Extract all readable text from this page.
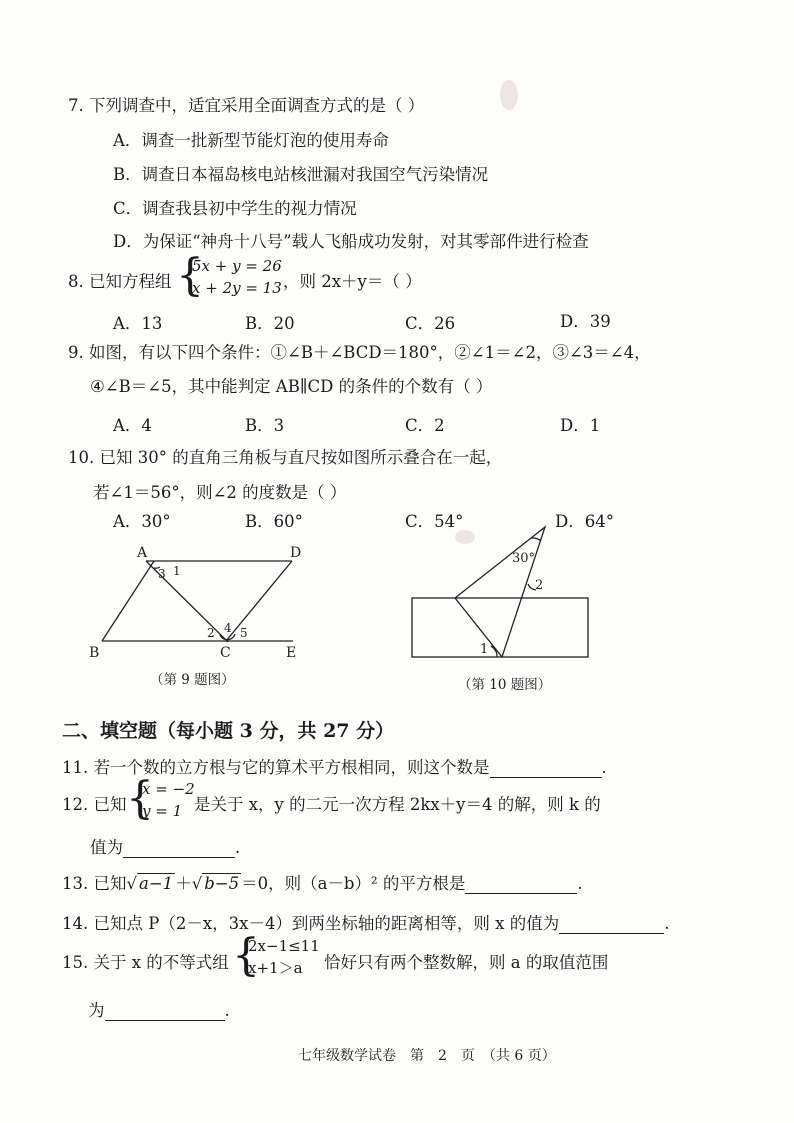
7. 下列调查中，适宜采用全面调查方式的是（ ）
A．调查一批新型节能灯泡的使用寿命
B．调查日本福岛核电站核泄漏对我国空气污染情况
C．调查我县初中学生的视力情况
D．为保证“神舟十八号”载人飞船成功发射，对其零部件进行检查
8. 已知方程组 {
5x + y = 26
x + 2y = 13 ，则 2x＋y＝（ ）
A．13	B．20	C．26	D．39
9. 如图，有以下四个条件：①∠B＋∠BCD＝180°，②∠1＝∠2，③∠3＝∠4，
④∠B＝∠5，其中能判定 AB∥CD 的条件的个数有（ ）
A．4	B．3	C．2	D．1
10. 已知 30° 的直角三角板与直尺按如图所示叠合在一起，
若∠1＝56°，则∠2 的度数是（ ）
A．30°	B．60°	C．54°	D．64°
A	D
B	C	E
3 1
2 4 5
（第 9 题图）
30°
1
2
（第 10 题图）
二、填空题（每小题 3 分，共 27 分）
11. 若一个数的立方根与它的算术平方根相同，则这个数是	.
12. 已知 {
x = −2
y = 1 是关于 x，y 的二元一次方程 2kx＋y＝4 的解，则 k 的
值为	.
13. 已知√ a−1 ＋√ b−5 ＝0，则（a－b）² 的平方根是	.
14. 已知点 P（2－x，3x－4）到两坐标轴的距离相等，则 x 的值为	.
15. 关于 x 的不等式组 {
2x−1≤11
x+1＞a	恰好只有两个整数解，则 a 的取值范围
为	.
七年级数学试卷　第　2　页　（共 6 页）
